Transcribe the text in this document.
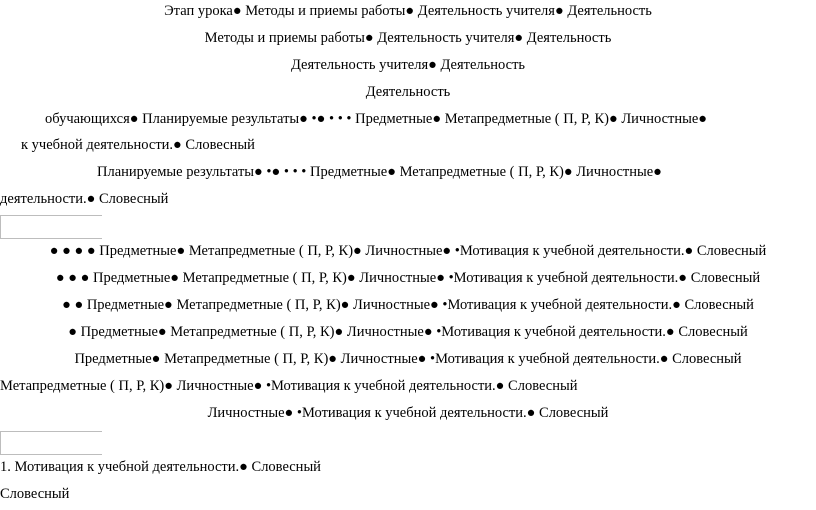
Этап урока● Методы и приемы работы● Деятельность учителя● Деятельность
Методы и приемы работы● Деятельность учителя● Деятельность
Деятельность учителя● Деятельность
Деятельность
обучающихся● Планируемые результаты● •● • • • Предметные● Метапредметные ( П, Р, К)● Личностные●
к учебной деятельности.● Словесный
Планируемые результаты● •● • • • Предметные● Метапредметные ( П, Р, К)● Личностные●
деятельности.● Словесный
● ● ● ● Предметные● Метапредметные ( П, Р, К)● Личностные● •Мотивация к учебной деятельности.● Словесный
● ● ● Предметные● Метапредметные ( П, Р, К)● Личностные● •Мотивация к учебной деятельности.● Словесный
● ● Предметные● Метапредметные ( П, Р, К)● Личностные● •Мотивация к учебной деятельности.● Словесный
● Предметные● Метапредметные ( П, Р, К)● Личностные● •Мотивация к учебной деятельности.● Словесный
Предметные● Метапредметные ( П, Р, К)● Личностные● •Мотивация к учебной деятельности.● Словесный
Метапредметные ( П, Р, К)● Личностные● •Мотивация к учебной деятельности.● Словесный
Личностные● •Мотивация к учебной деятельности.● Словесный
1. Мотивация к учебной деятельности.● Словесный
Словесный
